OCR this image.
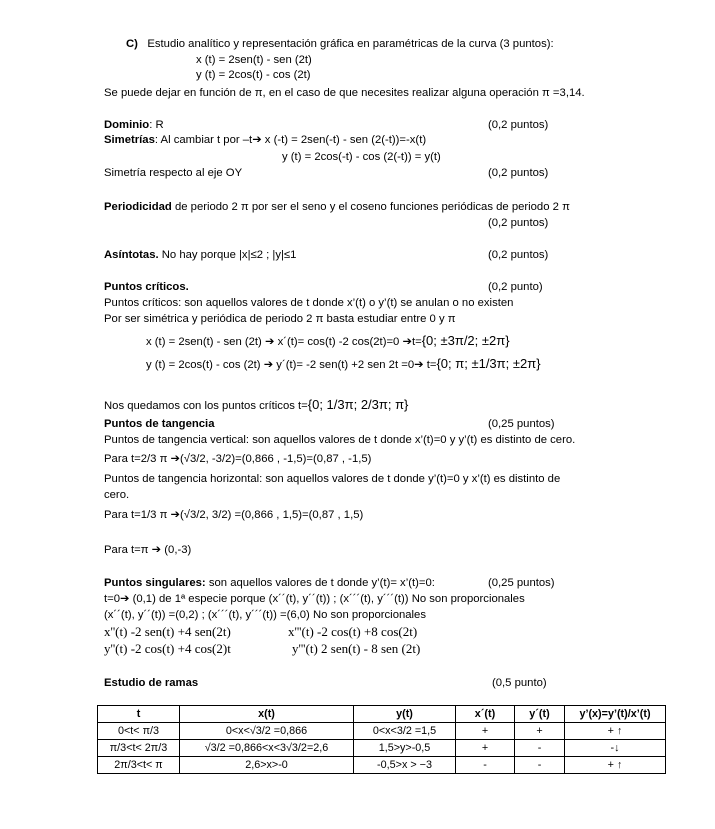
C) Estudio analítico y representación gráfica en paramétricas de la curva (3 puntos):
x (t) = 2sen(t) - sen (2t)
y (t) = 2cos(t) - cos (2t)
Se puede dejar en función de π, en el caso de que necesites realizar alguna operación π =3,14.
Dominio: R	(0,2 puntos)
Simetrías: Al cambiar t por –t➔ x (-t) = 2sen(-t) - sen (2(-t))=-x(t)
y (t) = 2cos(-t) - cos (2(-t)) = y(t)
Simetría respecto al eje OY	(0,2 puntos)
Periodicidad de periodo 2 π por ser el seno y el coseno funciones periódicas de periodo 2 π
(0,2 puntos)
Asíntotas. No hay porque |x|≤2 ; |y|≤1	(0,2 puntos)
Puntos críticos.	(0,2 punto)
Puntos críticos: son aquellos valores de t donde x’(t) o y’(t) se anulan o no existen
Por ser simétrica y periódica de periodo 2 π basta estudiar entre 0 y π
x (t) = 2sen(t) - sen (2t) ➔ x´(t)= cos(t) -2 cos(2t)=0 ➔t={0; ±3π/2; ±2π}
y (t) = 2cos(t) - cos (2t) ➔ y´(t)= -2 sen(t) +2 sen 2t =0➔ t={0; π; ±1/3π; ±2π}
Nos quedamos con los puntos críticos t={0; 1/3π; 2/3π; π}
Puntos de tangencia	(0,25 puntos)
Puntos de tangencia vertical: son aquellos valores de t donde x’(t)=0 y y’(t) es distinto de cero.
Para t=2/3 π ➔(√3/2, -3/2)=(0,866 , -1,5)=(0,87 , -1,5)
Puntos de tangencia horizontal: son aquellos valores de t donde y’(t)=0 y x’(t) es distinto de
cero.
Para t=1/3 π ➔(√3/2, 3/2) =(0,866 , 1,5)=(0,87 , 1,5)
Para t=π ➔ (0,-3)
Puntos singulares: son aquellos valores de t donde y’(t)= x’(t)=0:	(0,25 puntos)
t=0➔ (0,1) de 1ª especie porque (x´´(t), y´´(t)) ; (x´´´(t), y´´´(t)) No son proporcionales
(x´´(t), y´´(t)) =(0,2) ; (x´´´(t), y´´´(t)) =(6,0) No son proporcionales
x''(t) -2 sen(t) +4 sen(2t)	x'''(t) -2 cos(t) +8 cos(2t)
y''(t) -2 cos(t) +4 cos(2)t	y'''(t) 2 sen(t) - 8 sen (2t)
Estudio de ramas	(0,5 punto)
t	x(t)	y(t)	x´(t)	y´(t)	y’(x)=y’(t)/x’(t)
0<t< π/3	0<x<√3/2 =0,866	0<x<3/2 =1,5	+	+	+ ↑
π/3<t< 2π/3	√3/2 =0,866<x<3√3/2=2,6	1,5>y>-0,5	+	-	-↓
2π/3<t< π	2,6>x>-0	-0,5>x > −3	-	-	+ ↑
